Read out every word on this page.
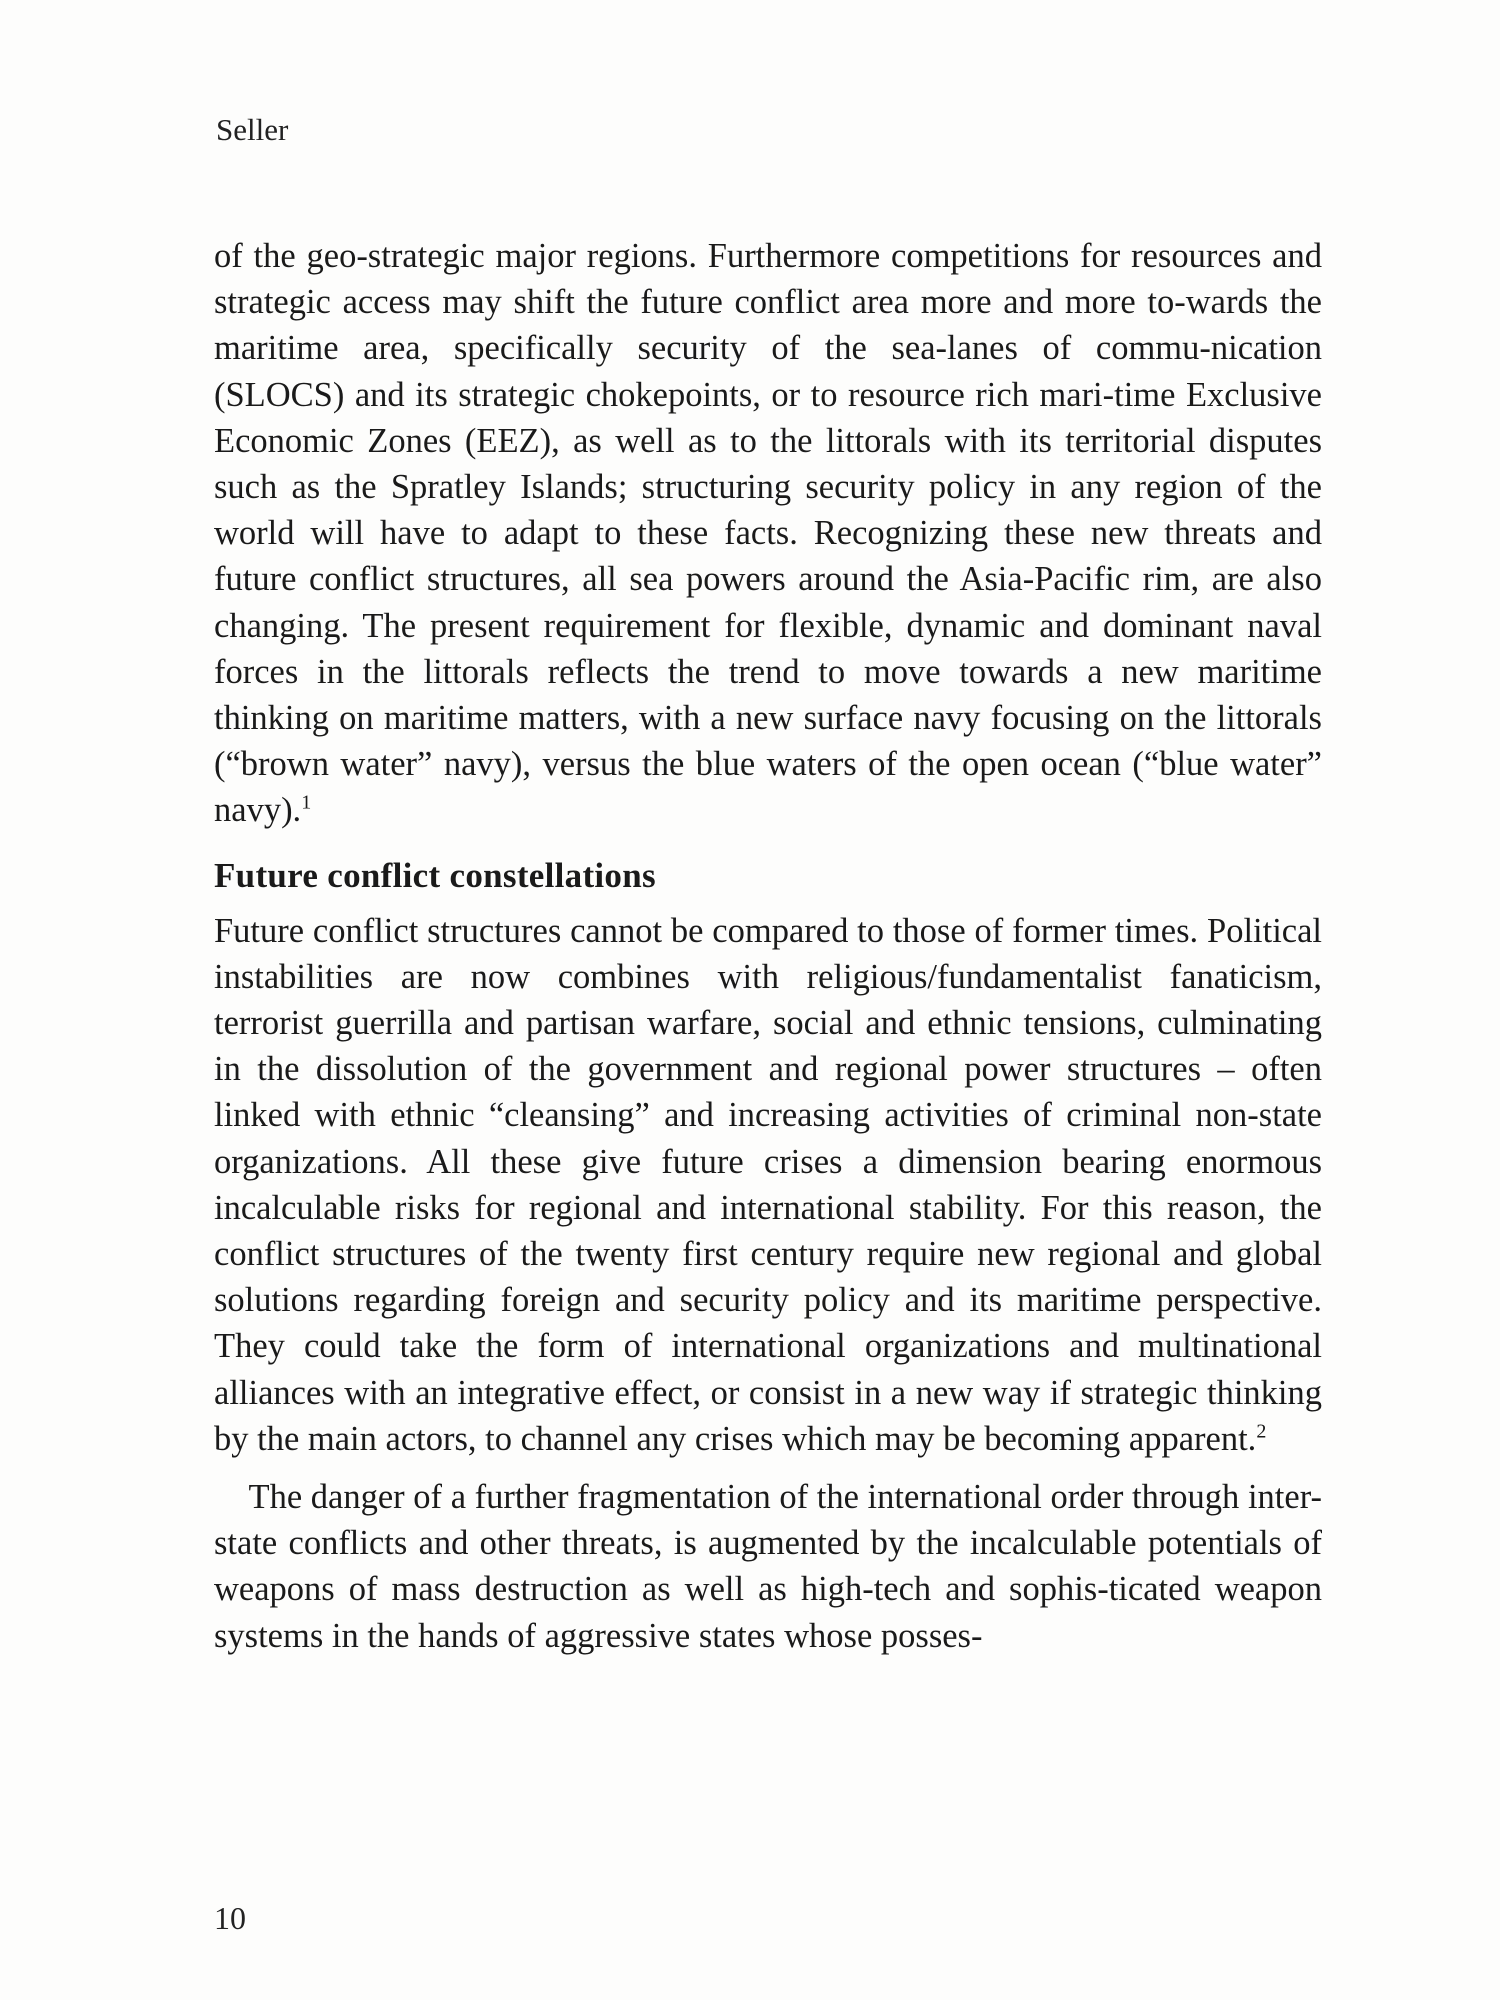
Seller

of the geo-strategic major regions. Furthermore competitions for resources and strategic access may shift the future conflict area more and more to-wards the maritime area, specifically security of the sea-lanes of commu-nication (SLOCS) and its strategic chokepoints, or to resource rich mari-time Exclusive Economic Zones (EEZ), as well as to the littorals with its territorial disputes such as the Spratley Islands; structuring security policy in any region of the world will have to adapt to these facts. Recognizing these new threats and future conflict structures, all sea powers around the Asia-Pacific rim, are also changing. The present requirement for flexible, dynamic and dominant naval forces in the littorals reflects the trend to move towards a new maritime thinking on maritime matters, with a new surface navy focusing on the littorals (“brown water” navy), versus the blue waters of the open ocean (“blue water” navy).$^1$

Future conflict constellations

Future conflict structures cannot be compared to those of former times. Political instabilities are now combines with religious/fundamentalist fanaticism, terrorist guerrilla and partisan warfare, social and ethnic tensions, culminating in the dissolution of the government and regional power structures – often linked with ethnic “cleansing” and increasing activities of criminal non-state organizations. All these give future crises a dimension bearing enormous incalculable risks for regional and international stability. For this reason, the conflict structures of the twenty first century require new regional and global solutions regarding foreign and security policy and its maritime perspective. They could take the form of international organizations and multinational alliances with an integrative effect, or consist in a new way if strategic thinking by the main actors, to channel any crises which may be becoming apparent.$^2$

 The danger of a further fragmentation of the international order through inter-state conflicts and other threats, is augmented by the incalculable potentials of weapons of mass destruction as well as high-tech and sophis-ticated weapon systems in the hands of aggressive states whose posses-

10
